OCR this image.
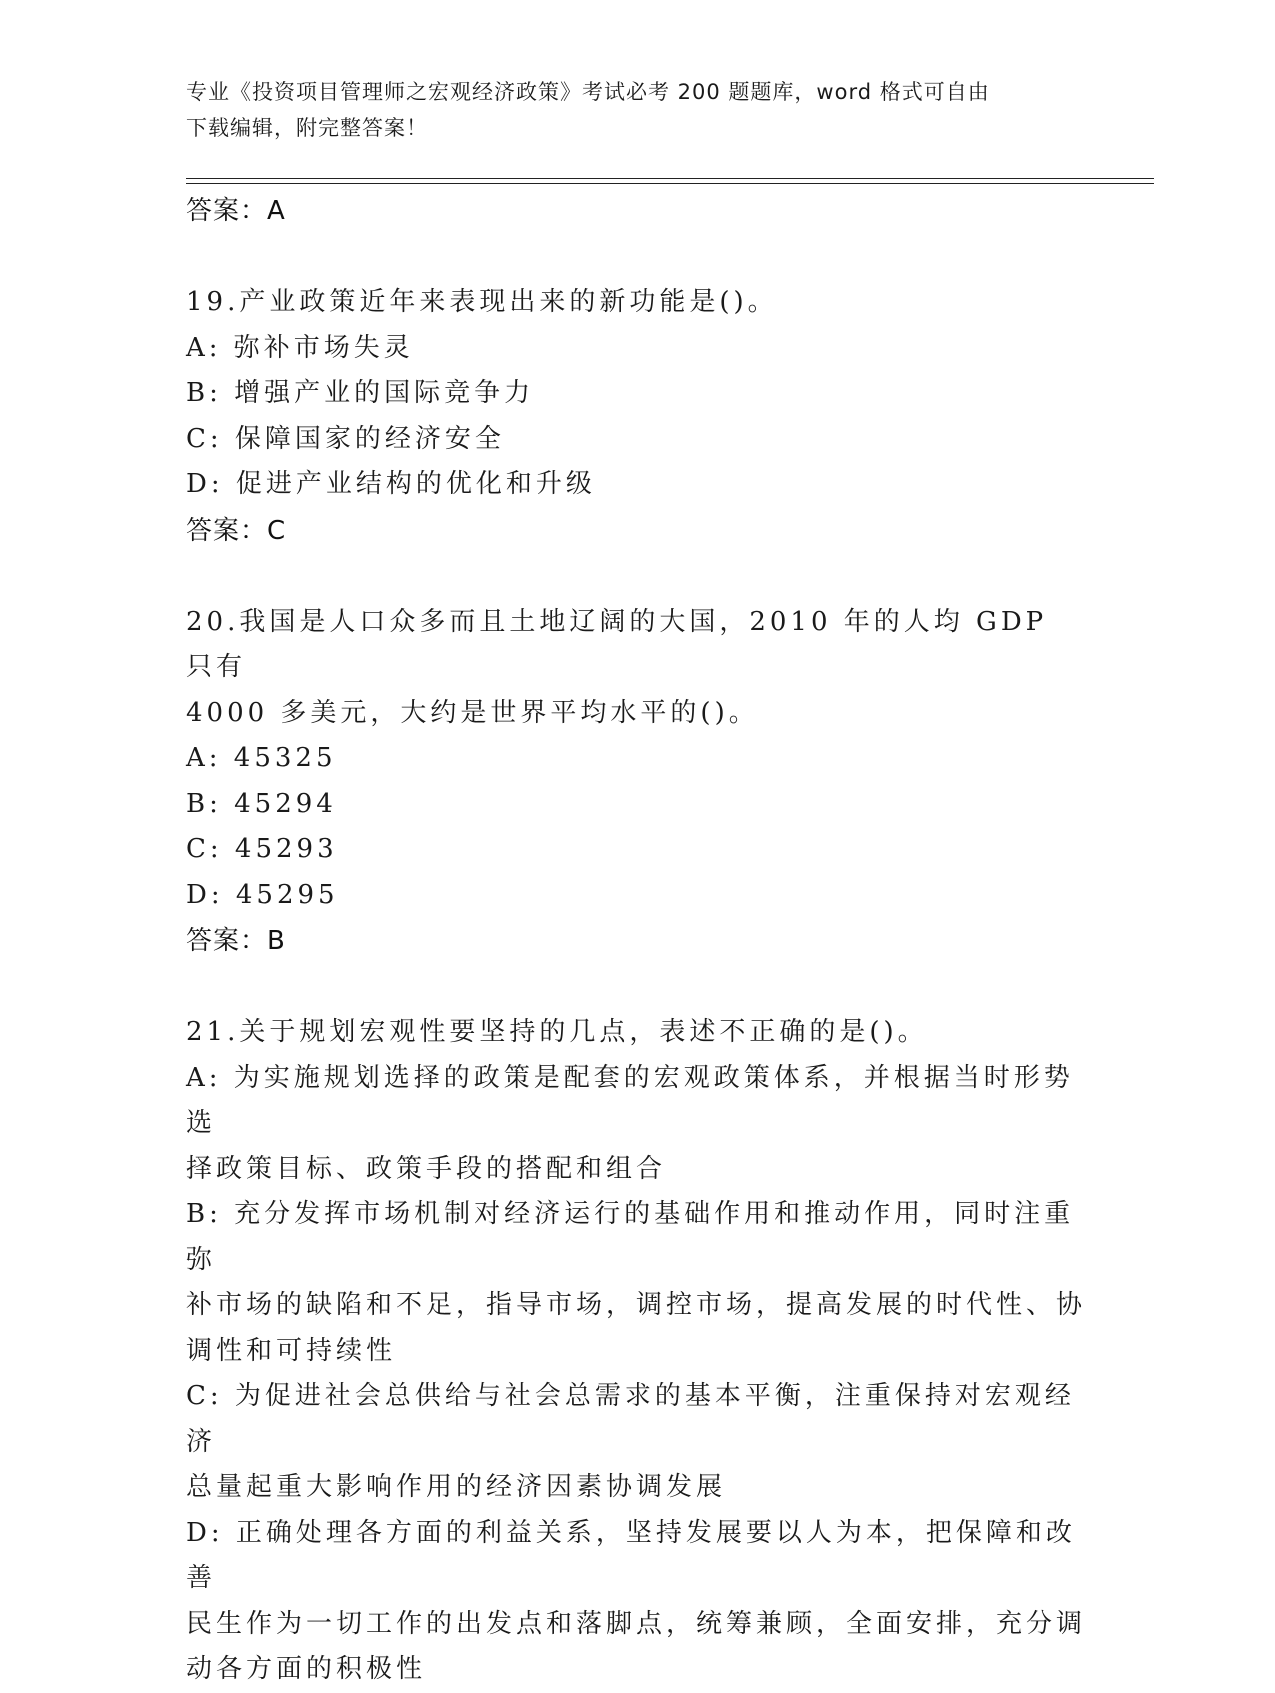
专业《投资项目管理师之宏观经济政策》考试必考 200 题题库，word 格式可自由
下载编辑，附完整答案！
答案：A

19.产业政策近年来表现出来的新功能是()。

A: 弥补市场失灵

B: 增强产业的国际竞争力

C: 保障国家的经济安全

D: 促进产业结构的优化和升级

答案：C

20.我国是人口众多而且土地辽阔的大国，2010 年的人均 GDP 只有

4000 多美元，大约是世界平均水平的()。

A: 45325

B: 45294

C: 45293

D: 45295

答案：B

21.关于规划宏观性要坚持的几点，表述不正确的是()。

A: 为实施规划选择的政策是配套的宏观政策体系，并根据当时形势选

择政策目标、政策手段的搭配和组合

B: 充分发挥市场机制对经济运行的基础作用和推动作用，同时注重弥

补市场的缺陷和不足，指导市场，调控市场，提高发展的时代性、协

调性和可持续性

C: 为促进社会总供给与社会总需求的基本平衡，注重保持对宏观经济

总量起重大影响作用的经济因素协调发展

D: 正确处理各方面的利益关系，坚持发展要以人为本，把保障和改善

民生作为一切工作的出发点和落脚点，统筹兼顾，全面安排，充分调

动各方面的积极性
